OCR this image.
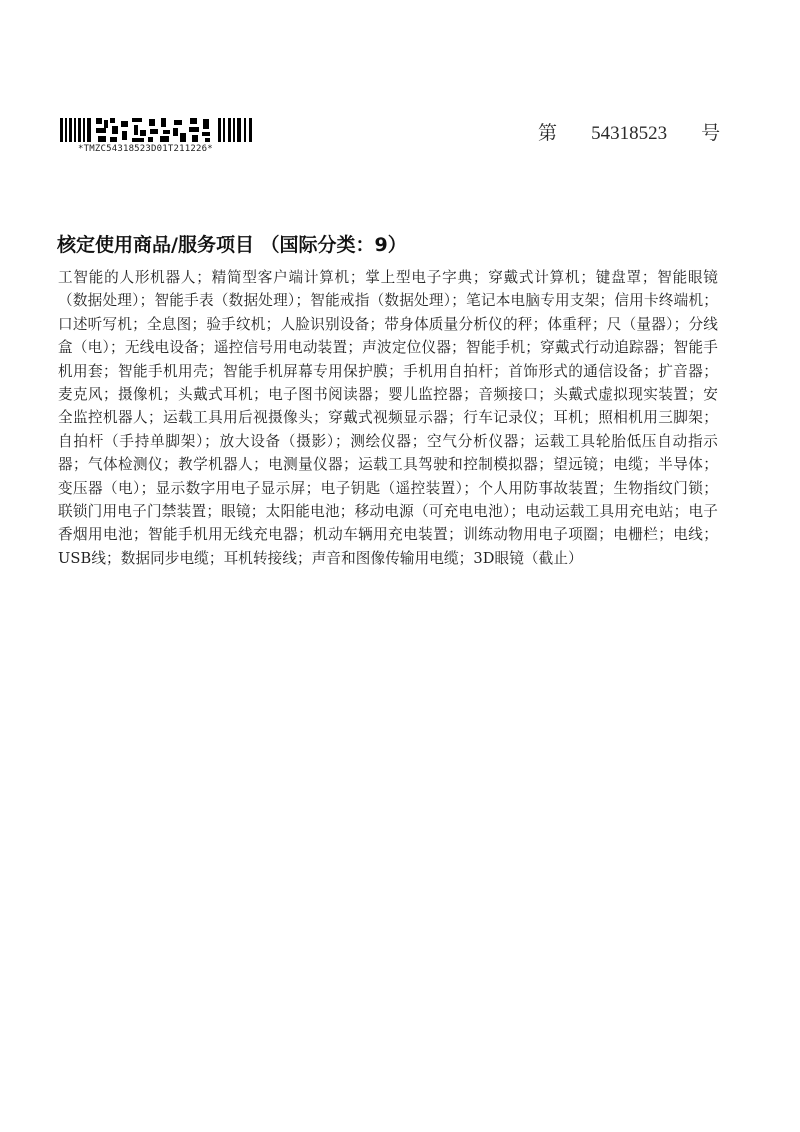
*TMZC54318523D01T211226*
第 54318523 号
核定使用商品/服务项目 （国际分类：9）
工智能的人形机器人；精简型客户端计算机；掌上型电子字典；穿戴式计算机；键盘罩；智能眼镜（数据处理）；智能手表（数据处理）；智能戒指（数据处理）；笔记本电脑专用支架；信用卡终端机；口述听写机；全息图；验手纹机；人脸识别设备；带身体质量分析仪的秤；体重秤；尺（量器）；分线盒（电）；无线电设备；遥控信号用电动装置；声波定位仪器；智能手机；穿戴式行动追踪器；智能手机用套；智能手机用壳；智能手机屏幕专用保护膜；手机用自拍杆；首饰形式的通信设备；扩音器；麦克风；摄像机；头戴式耳机；电子图书阅读器；婴儿监控器；音频接口；头戴式虚拟现实装置；安全监控机器人；运载工具用后视摄像头；穿戴式视频显示器；行车记录仪；耳机；照相机用三脚架；自拍杆（手持单脚架）；放大设备（摄影）；测绘仪器；空气分析仪器；运载工具轮胎低压自动指示器；气体检测仪；教学机器人；电测量仪器；运载工具驾驶和控制模拟器；望远镜；电缆；半导体；变压器（电）；显示数字用电子显示屏；电子钥匙（遥控装置）；个人用防事故装置；生物指纹门锁；联锁门用电子门禁装置；眼镜；太阳能电池；移动电源（可充电电池）；电动运载工具用充电站；电子香烟用电池；智能手机用无线充电器；机动车辆用充电装置；训练动物用电子项圈；电栅栏；电线；USB线；数据同步电缆；耳机转接线；声音和图像传输用电缆；3D眼镜（截止）
